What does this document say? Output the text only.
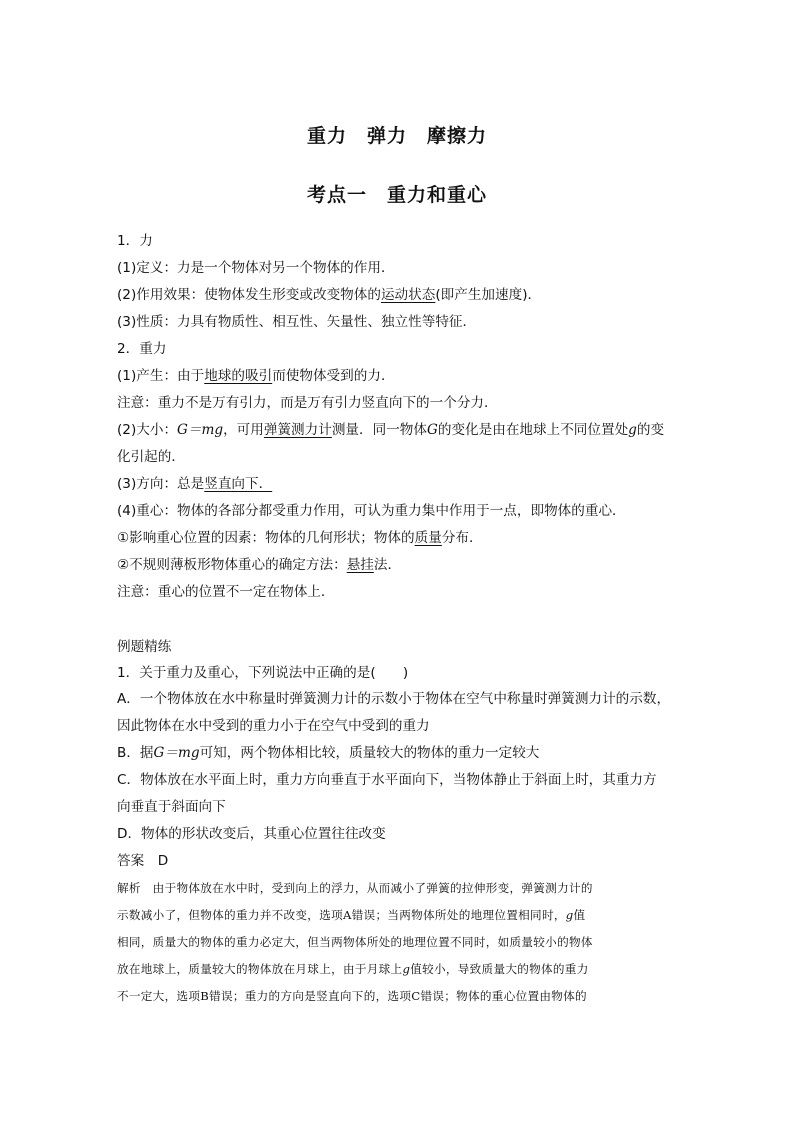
重力　弹力　摩擦力
考点一　重力和重心
1．力
(1)定义：力是一个物体对另一个物体的作用．
(2)作用效果：使物体发生形变或改变物体的运动状态(即产生加速度)．
(3)性质：力具有物质性、相互性、矢量性、独立性等特征．
2．重力
(1)产生：由于地球的吸引而使物体受到的力．
注意：重力不是万有引力，而是万有引力竖直向下的一个分力．
(2)大小：G＝mg，可用弹簧测力计测量．同一物体G的变化是由在地球上不同位置处g的变
化引起的．
(3)方向：总是竖直向下．
(4)重心：物体的各部分都受重力作用，可认为重力集中作用于一点，即物体的重心．
①影响重心位置的因素：物体的几何形状；物体的质量分布．
②不规则薄板形物体重心的确定方法：悬挂法．
注意：重心的位置不一定在物体上．
例题精练
1．关于重力及重心，下列说法中正确的是(　　)
A．一个物体放在水中称量时弹簧测力计的示数小于物体在空气中称量时弹簧测力计的示数，
因此物体在水中受到的重力小于在空气中受到的重力
B．据G＝mg可知，两个物体相比较，质量较大的物体的重力一定较大
C．物体放在水平面上时，重力方向垂直于水平面向下，当物体静止于斜面上时，其重力方
向垂直于斜面向下
D．物体的形状改变后，其重心位置往往改变
答案　D
解析　由于物体放在水中时，受到向上的浮力，从而减小了弹簧的拉伸形变，弹簧测力计的
示数减小了，但物体的重力并不改变，选项A错误；当两物体所处的地理位置相同时，g值
相同，质量大的物体的重力必定大，但当两物体所处的地理位置不同时，如质量较小的物体
放在地球上，质量较大的物体放在月球上，由于月球上g值较小，导致质量大的物体的重力
不一定大，选项B错误；重力的方向是竖直向下的，选项C错误；物体的重心位置由物体的
